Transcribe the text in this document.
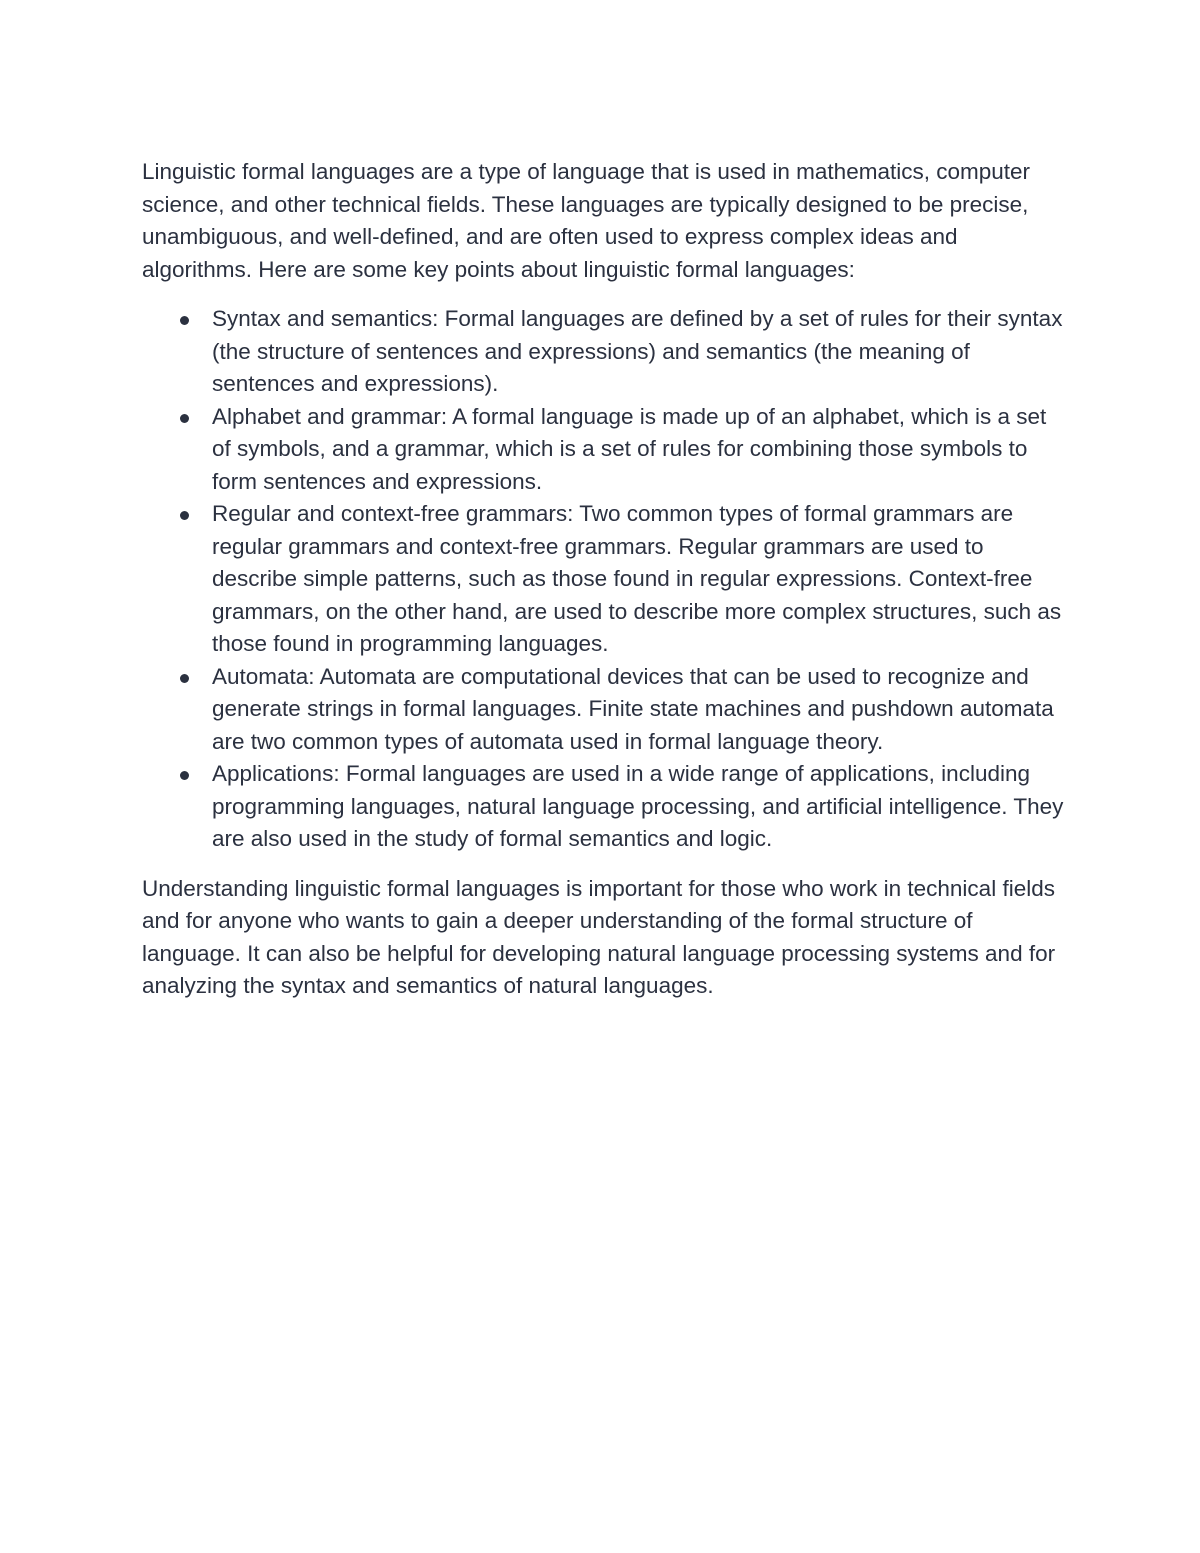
Linguistic formal languages are a type of language that is used in mathematics, computer science, and other technical fields. These languages are typically designed to be precise, unambiguous, and well-defined, and are often used to express complex ideas and algorithms. Here are some key points about linguistic formal languages:

Syntax and semantics: Formal languages are defined by a set of rules for their syntax (the structure of sentences and expressions) and semantics (the meaning of sentences and expressions).
Alphabet and grammar: A formal language is made up of an alphabet, which is a set of symbols, and a grammar, which is a set of rules for combining those symbols to form sentences and expressions.
Regular and context-free grammars: Two common types of formal grammars are regular grammars and context-free grammars. Regular grammars are used to describe simple patterns, such as those found in regular expressions. Context-free grammars, on the other hand, are used to describe more complex structures, such as those found in programming languages.
Automata: Automata are computational devices that can be used to recognize and generate strings in formal languages. Finite state machines and pushdown automata are two common types of automata used in formal language theory.
Applications: Formal languages are used in a wide range of applications, including programming languages, natural language processing, and artificial intelligence. They are also used in the study of formal semantics and logic.

Understanding linguistic formal languages is important for those who work in technical fields and for anyone who wants to gain a deeper understanding of the formal structure of language. It can also be helpful for developing natural language processing systems and for analyzing the syntax and semantics of natural languages.
